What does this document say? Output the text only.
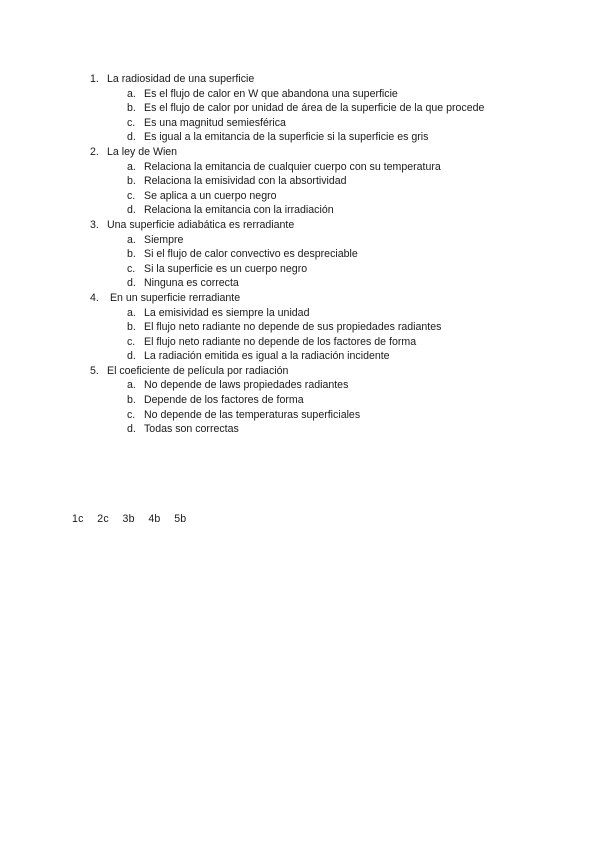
1. La radiosidad de una superficie
a. Es el flujo de calor en W que abandona una superficie
b. Es el flujo de calor por unidad de área de la superficie de la que procede
c. Es una magnitud semiesférica
d. Es igual a la emitancia de la superficie si la superficie es gris
2. La ley de Wien
a. Relaciona la emitancia de cualquier cuerpo con su temperatura
b. Relaciona la emisividad con la absortividad
c. Se aplica a un cuerpo negro
d. Relaciona la emitancia con la irradiación
3. Una superficie adiabática es rerradiante
a. Siempre
b. Si el flujo de calor convectivo es despreciable
c. Si la superficie es un cuerpo negro
d. Ninguna es correcta
4. En un superficie rerradiante
a. La emisividad es siempre la unidad
b. El flujo neto radiante no depende de sus propiedades radiantes
c. El flujo neto radiante no depende de los factores de forma
d. La radiación emitida es igual a la radiación incidente
5. El coeficiente de película por radiación
a. No depende de laws propiedades radiantes
b. Depende de los factores de forma
c. No depende de las temperaturas superficiales
d. Todas son correctas
1c 2c 3b 4b 5b
